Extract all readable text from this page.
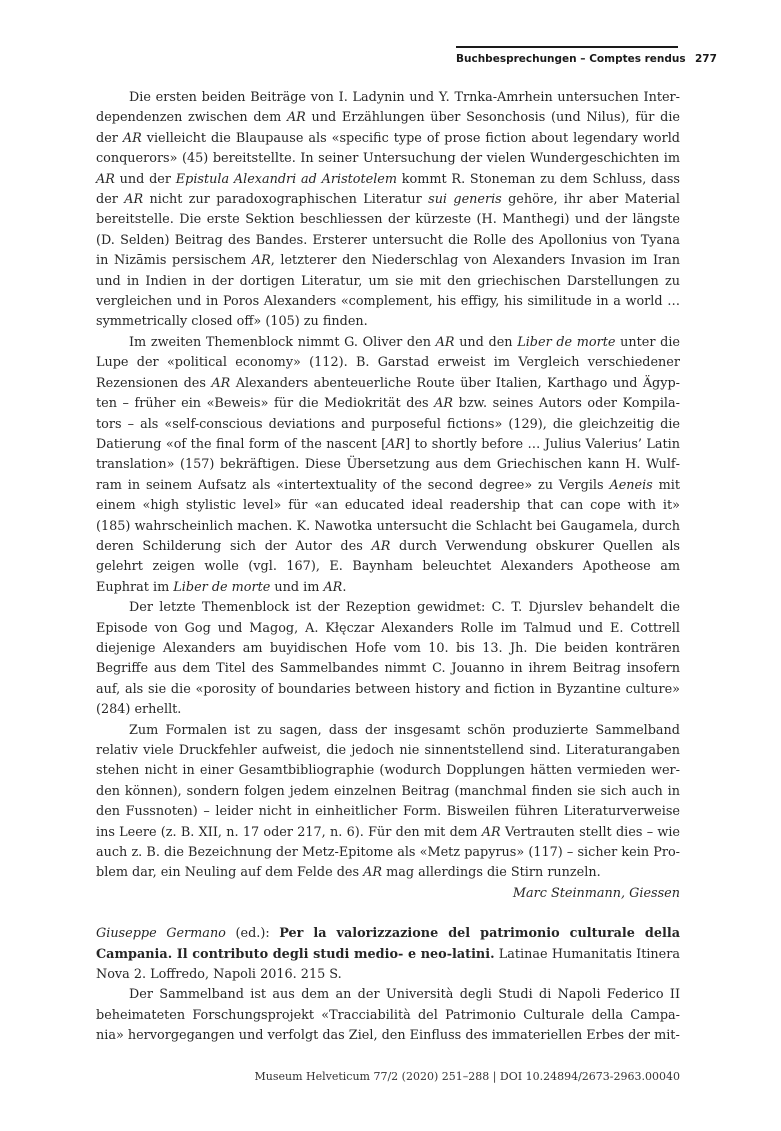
Buchbesprechungen – Comptes rendus 277

Die ersten beiden Beiträge von I. Ladynin und Y. Trnka-Amrhein untersuchen Interdependenzen zwischen dem AR und Erzählungen über Sesonchosis (und Nilus), für die der AR vielleicht die Blaupause als «specific type of prose fiction about legendary world conquerors» (45) bereitstellte. In seiner Untersuchung der vielen Wundergeschichten im AR und der Epistula Alexandri ad Aristotelem kommt R. Stoneman zu dem Schluss, dass der AR nicht zur paradoxographischen Literatur sui generis gehöre, ihr aber Material bereitstelle. Die erste Sektion beschliessen der kürzeste (H. Manthegi) und der längste (D. Selden) Beitrag des Bandes. Ersterer untersucht die Rolle des Apollonius von Tyana in Nizāmis persischem AR, letzterer den Niederschlag von Alexanders Invasion im Iran und in Indien in der dortigen Literatur, um sie mit den griechischen Darstellungen zu vergleichen und in Poros Alexanders «complement, his effigy, his similitude in a world … symmetrically closed off» (105) zu finden.

Im zweiten Themenblock nimmt G. Oliver den AR und den Liber de morte unter die Lupe der «political economy» (112). B. Garstad erweist im Vergleich verschiedener Rezensionen des AR Alexanders abenteuerliche Route über Italien, Karthago und Ägypten – früher ein «Beweis» für die Mediokrität des AR bzw. seines Autors oder Kompilators – als «self-conscious deviations and purposeful fictions» (129), die gleichzeitig die Datierung «of the final form of the nascent [AR] to shortly before … Julius Valerius’ Latin translation» (157) bekräftigen. Diese Übersetzung aus dem Griechischen kann H. Wulfram in seinem Aufsatz als «intertextuality of the second degree» zu Vergils Aeneis mit einem «high stylistic level» für «an educated ideal readership that can cope with it» (185) wahrscheinlich machen. K. Nawotka untersucht die Schlacht bei Gaugamela, durch deren Schilderung sich der Autor des AR durch Verwendung obskurer Quellen als gelehrt zeigen wolle (vgl. 167), E. Baynham beleuchtet Alexanders Apotheose am Euphrat im Liber de morte und im AR.

Der letzte Themenblock ist der Rezeption gewidmet: C. T. Djurslev behandelt die Episode von Gog und Magog, A. Kłęczar Alexanders Rolle im Talmud und E. Cottrell diejenige Alexanders am buyidischen Hofe vom 10. bis 13. Jh. Die beiden konträren Begriffe aus dem Titel des Sammelbandes nimmt C. Jouanno in ihrem Beitrag insofern auf, als sie die «porosity of boundaries between history and fiction in Byzantine culture» (284) erhellt.

Zum Formalen ist zu sagen, dass der insgesamt schön produzierte Sammelband relativ viele Druckfehler aufweist, die jedoch nie sinnentstellend sind. Literaturangaben stehen nicht in einer Gesamtbibliographie (wodurch Dopplungen hätten vermieden werden können), sondern folgen jedem einzelnen Beitrag (manchmal finden sie sich auch in den Fussnoten) – leider nicht in einheitlicher Form. Bisweilen führen Literaturverweise ins Leere (z. B. XII, n. 17 oder 217, n. 6). Für den mit dem AR Vertrauten stellt dies – wie auch z. B. die Bezeichnung der Metz-Epitome als «Metz papyrus» (117) – sicher kein Problem dar, ein Neuling auf dem Felde des AR mag allerdings die Stirn runzeln.

Marc Steinmann, Giessen

Giuseppe Germano (ed.): Per la valorizzazione del patrimonio culturale della Campania. Il contributo degli studi medio- e neo-latini. Latinae Humanitatis Itinera Nova 2. Loffredo, Napoli 2016. 215 S.

Der Sammelband ist aus dem an der Università degli Studi di Napoli Federico II beheimateten Forschungsprojekt «Tracciabilità del Patrimonio Culturale della Campania» hervorgegangen und verfolgt das Ziel, den Einfluss des immateriellen Erbes der mit-

Museum Helveticum 77/2 (2020) 251–288 | DOI 10.24894/2673-2963.00040
